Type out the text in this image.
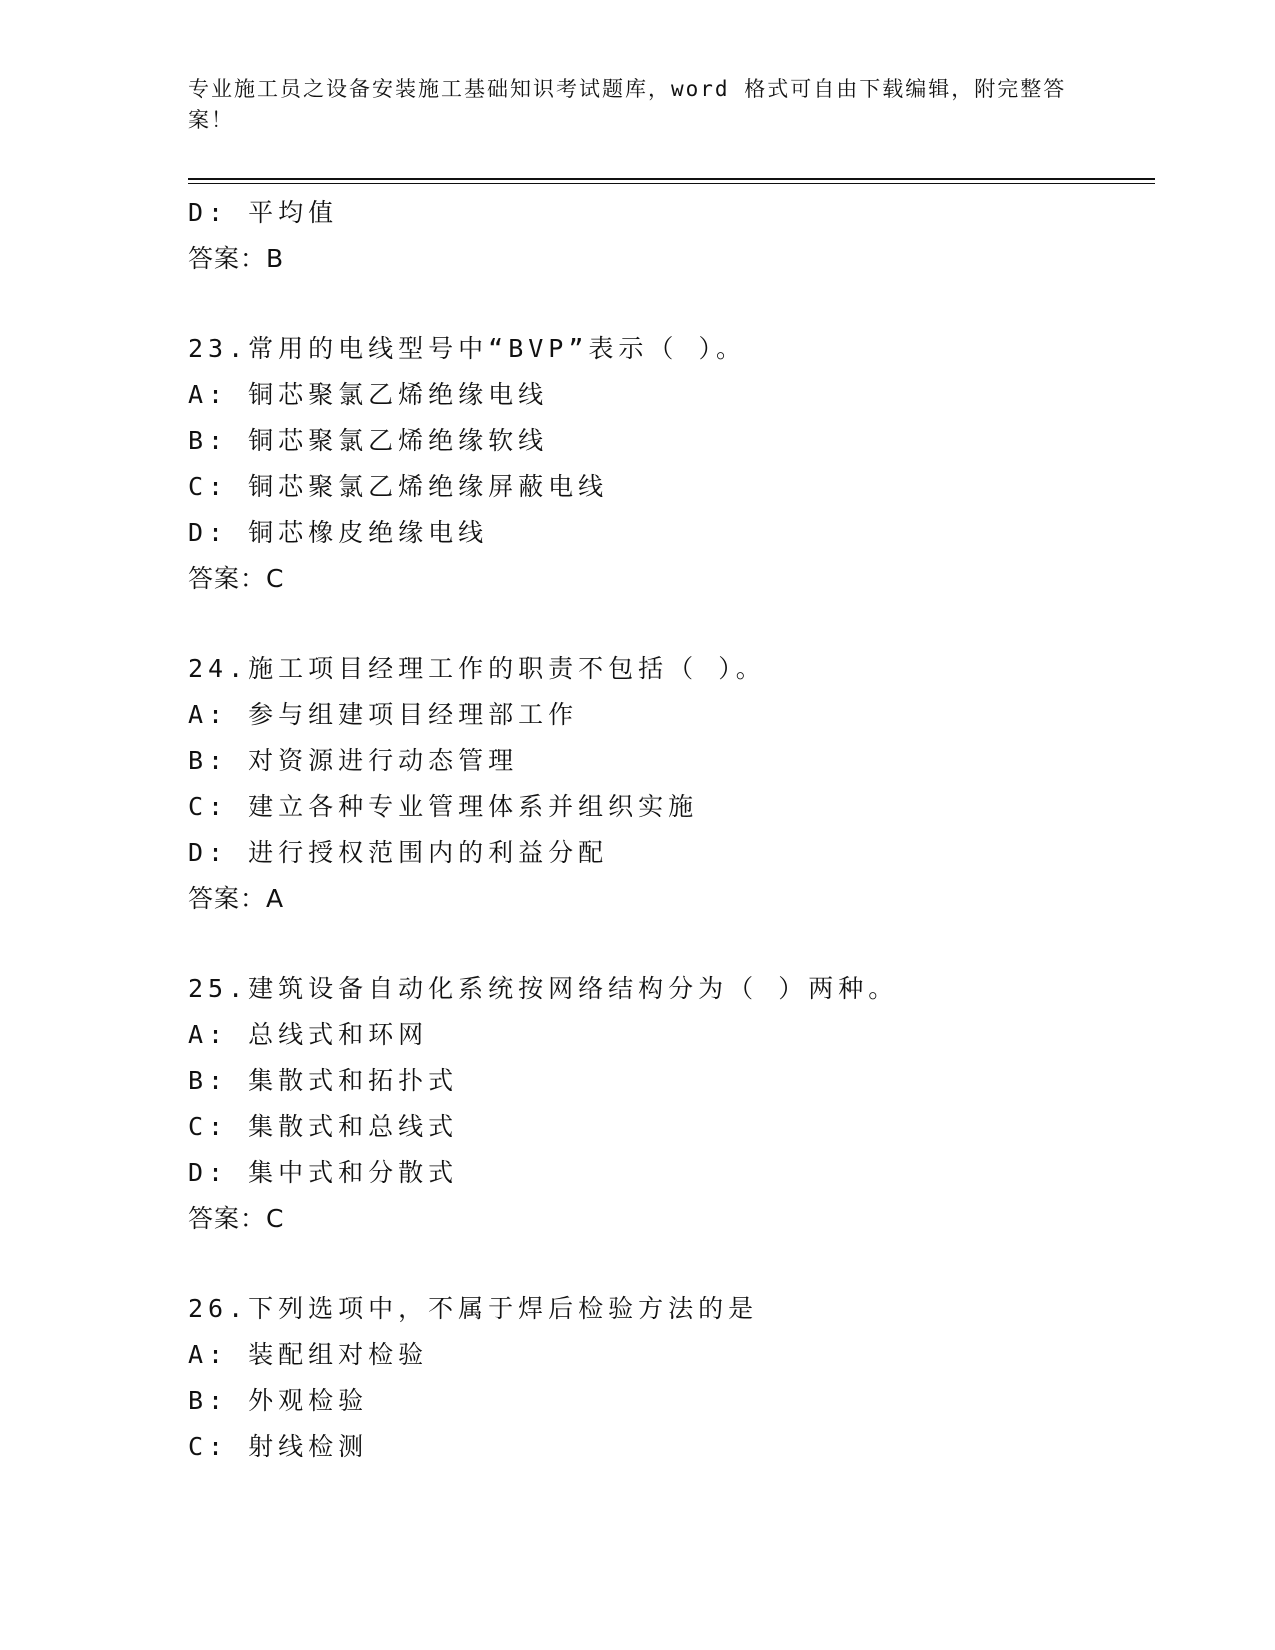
专业施工员之设备安装施工基础知识考试题库，word 格式可自由下载编辑，附完整答案！
D: 平均值
答案：B
23.常用的电线型号中“BVP”表示（ ）。
A: 铜芯聚氯乙烯绝缘电线
B: 铜芯聚氯乙烯绝缘软线
C: 铜芯聚氯乙烯绝缘屏蔽电线
D: 铜芯橡皮绝缘电线
答案：C
24.施工项目经理工作的职责不包括（ ）。
A: 参与组建项目经理部工作
B: 对资源进行动态管理
C: 建立各种专业管理体系并组织实施
D: 进行授权范围内的利益分配
答案：A
25.建筑设备自动化系统按网络结构分为（ ）两种。
A: 总线式和环网
B: 集散式和拓扑式
C: 集散式和总线式
D: 集中式和分散式
答案：C
26.下列选项中，不属于焊后检验方法的是
A: 装配组对检验
B: 外观检验
C: 射线检测
